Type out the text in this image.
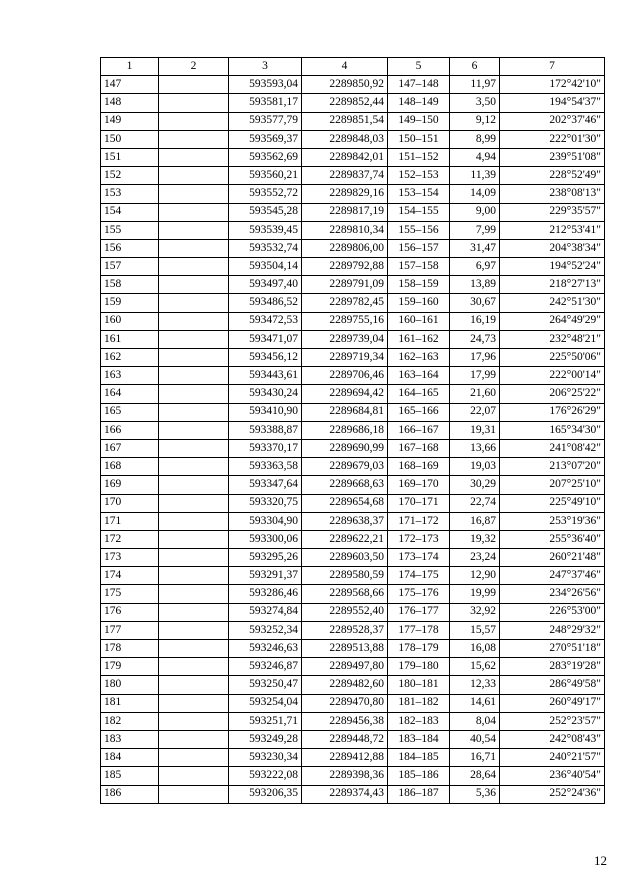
1	2	3	4	5	6	7
147		593593,04	2289850,92	147–148	11,97	172°42'10"
148		593581,17	2289852,44	148–149	3,50	194°54'37"
149		593577,79	2289851,54	149–150	9,12	202°37'46"
150		593569,37	2289848,03	150–151	8,99	222°01'30"
151		593562,69	2289842,01	151–152	4,94	239°51'08"
152		593560,21	2289837,74	152–153	11,39	228°52'49"
153		593552,72	2289829,16	153–154	14,09	238°08'13"
154		593545,28	2289817,19	154–155	9,00	229°35'57"
155		593539,45	2289810,34	155–156	7,99	212°53'41"
156		593532,74	2289806,00	156–157	31,47	204°38'34"
157		593504,14	2289792,88	157–158	6,97	194°52'24"
158		593497,40	2289791,09	158–159	13,89	218°27'13"
159		593486,52	2289782,45	159–160	30,67	242°51'30"
160		593472,53	2289755,16	160–161	16,19	264°49'29"
161		593471,07	2289739,04	161–162	24,73	232°48'21"
162		593456,12	2289719,34	162–163	17,96	225°50'06"
163		593443,61	2289706,46	163–164	17,99	222°00'14"
164		593430,24	2289694,42	164–165	21,60	206°25'22"
165		593410,90	2289684,81	165–166	22,07	176°26'29"
166		593388,87	2289686,18	166–167	19,31	165°34'30"
167		593370,17	2289690,99	167–168	13,66	241°08'42"
168		593363,58	2289679,03	168–169	19,03	213°07'20"
169		593347,64	2289668,63	169–170	30,29	207°25'10"
170		593320,75	2289654,68	170–171	22,74	225°49'10"
171		593304,90	2289638,37	171–172	16,87	253°19'36"
172		593300,06	2289622,21	172–173	19,32	255°36'40"
173		593295,26	2289603,50	173–174	23,24	260°21'48"
174		593291,37	2289580,59	174–175	12,90	247°37'46"
175		593286,46	2289568,66	175–176	19,99	234°26'56"
176		593274,84	2289552,40	176–177	32,92	226°53'00"
177		593252,34	2289528,37	177–178	15,57	248°29'32"
178		593246,63	2289513,88	178–179	16,08	270°51'18"
179		593246,87	2289497,80	179–180	15,62	283°19'28"
180		593250,47	2289482,60	180–181	12,33	286°49'58"
181		593254,04	2289470,80	181–182	14,61	260°49'17"
182		593251,71	2289456,38	182–183	8,04	252°23'57"
183		593249,28	2289448,72	183–184	40,54	242°08'43"
184		593230,34	2289412,88	184–185	16,71	240°21'57"
185		593222,08	2289398,36	185–186	28,64	236°40'54"
186		593206,35	2289374,43	186–187	5,36	252°24'36"
12
